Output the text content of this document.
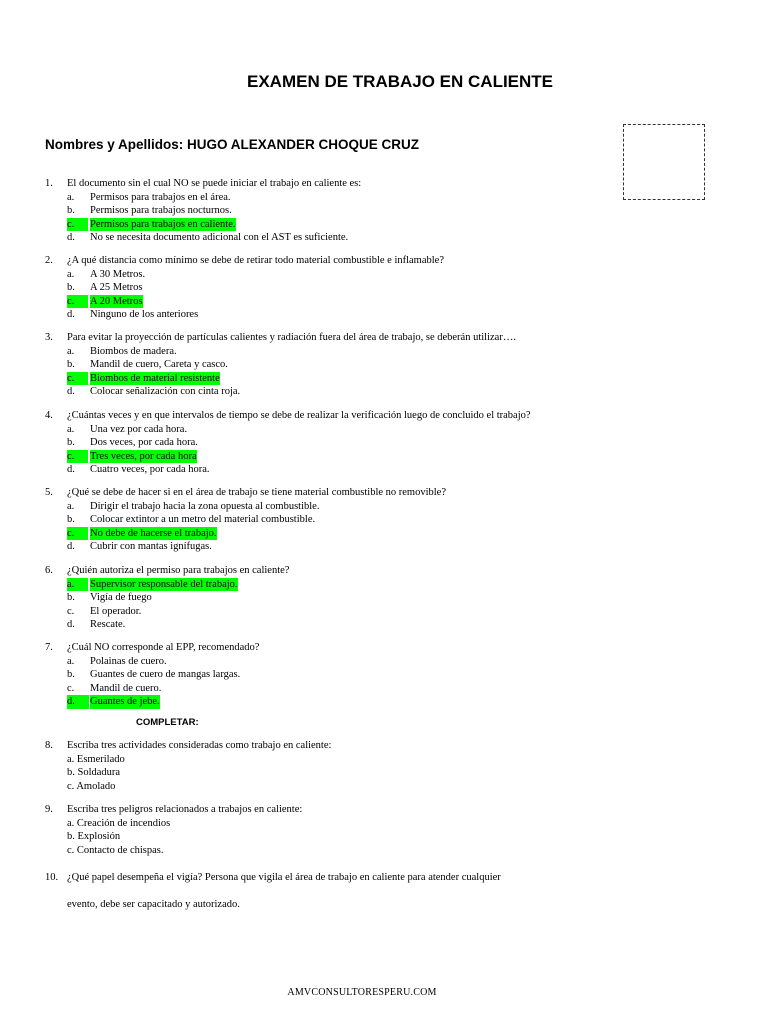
EXAMEN DE TRABAJO EN CALIENTE
Nombres y Apellidos: HUGO ALEXANDER CHOQUE CRUZ
1. El documento sin el cual NO se puede iniciar el trabajo en caliente es:
a. Permisos para trabajos en el área.
b. Permisos para trabajos nocturnos.
c.	Permisos para trabajos en caliente.
d. No se necesita documento adicional con el AST es suficiente.
2. ¿A qué distancia como mínimo se debe de retirar todo material combustible e inflamable?
a. A 30 Metros.
b. A 25 Metros
c.	A 20 Metros
d. Ninguno de los anteriores
3. Para evitar la proyección de partículas calientes y radiación fuera del área de trabajo, se deberán utilizar….
a. Biombos de madera.
b. Mandil de cuero, Careta y casco.
c.	Biombos de material resistente
d. Colocar señalización con cinta roja.
4. ¿Cuántas veces y en que intervalos de tiempo se debe de realizar la verificación luego de concluido el trabajo?
a. Una vez por cada hora.
b. Dos veces, por cada hora.
c.	Tres veces, por cada hora
d. Cuatro veces, por cada hora.
5. ¿Qué se debe de hacer si en el área de trabajo se tiene material combustible no removible?
a. Dirigir el trabajo hacia la zona opuesta al combustible.
b. Colocar extintor a un metro del material combustible.
c.	No debe de hacerse el trabajo.
d. Cubrir con mantas ignífugas.
6. ¿Quién autoriza el permiso para trabajos en caliente?
a.	Supervisor responsable del trabajo.
b. Vigía de fuego
c. El operador.
d. Rescate.
7. ¿Cuál NO corresponde al EPP, recomendado?
a. Polainas de cuero.
b. Guantes de cuero de mangas largas.
c. Mandil de cuero.
d.	Guantes de jebe.
COMPLETAR:
8. Escriba tres actividades consideradas como trabajo en caliente:
a. Esmerilado
b. Soldadura
c. Amolado
9. Escriba tres peligros relacionados a trabajos en caliente:
a. Creación de incendios
b. Explosión
c. Contacto de chispas.
10. ¿Qué papel desempeña el vigía? Persona que vigila el área de trabajo en caliente para atender cualquier
evento, debe ser capacitado y autorizado.
AMVCONSULTORESPERU.COM
